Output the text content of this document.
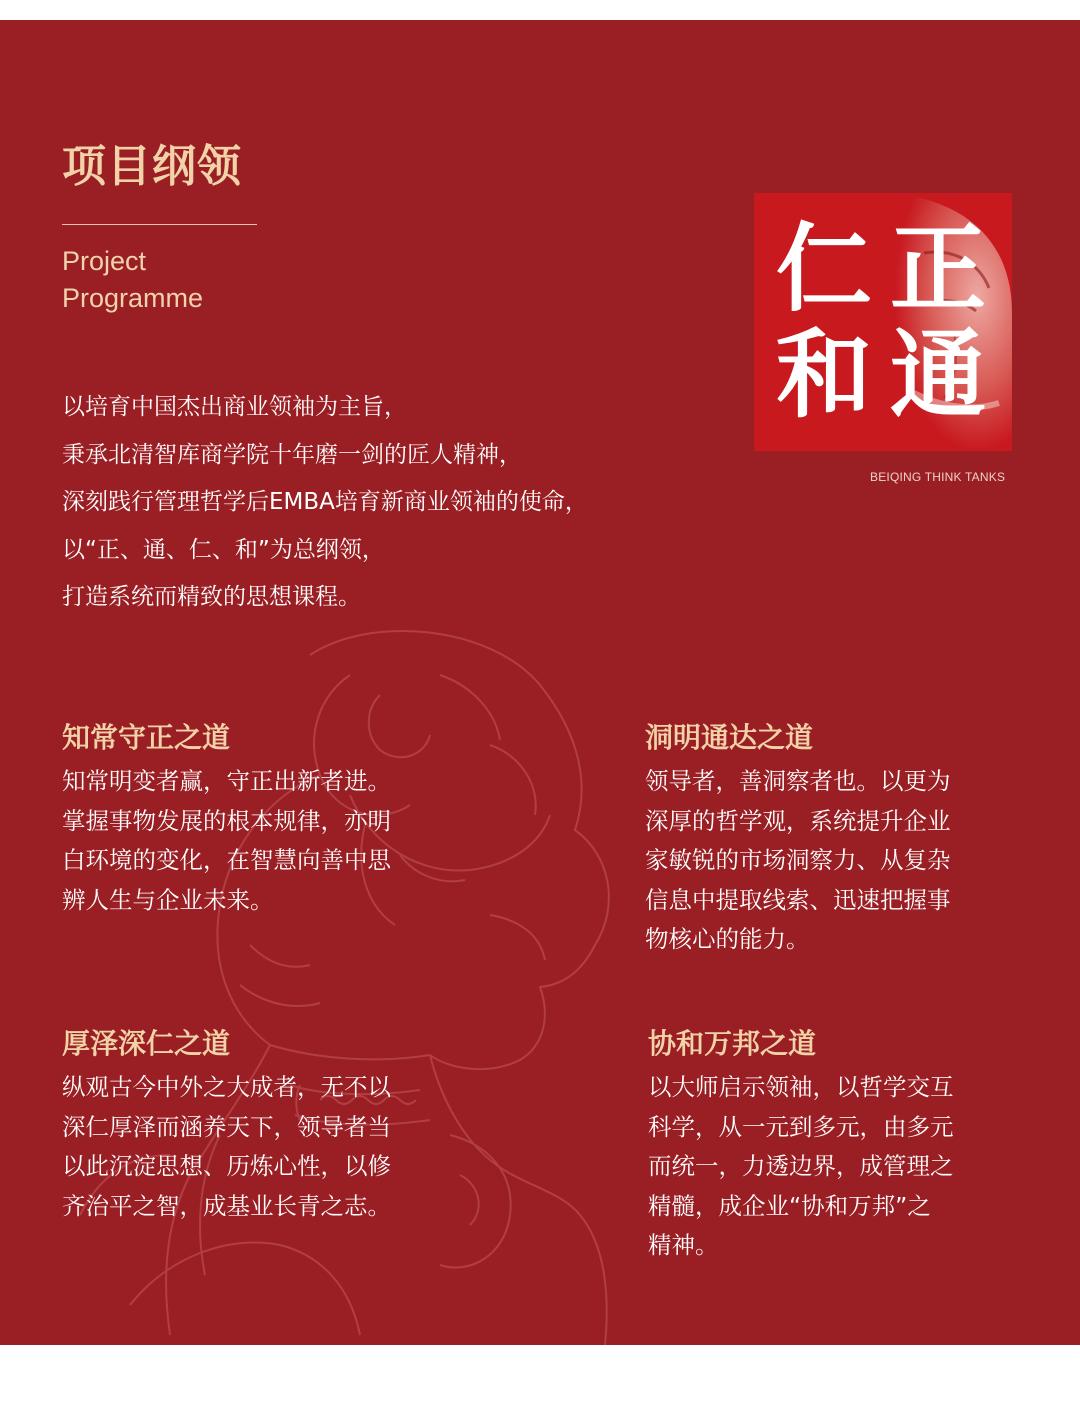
项目纲领
Project
Programme
以培育中国杰出商业领袖为主旨，
秉承北清智库商学院十年磨一剑的匠人精神，
深刻践行管理哲学后EMBA培育新商业领袖的使命，
以“正、通、仁、和”为总纲领，
打造系统而精致的思想课程。
仁 正
和 通
BEIQING THINK TANKS
知常守正之道

知常明变者赢，守正出新者进。
掌握事物发展的根本规律，亦明
白环境的变化，在智慧向善中思
辨人生与企业未来。

洞明通达之道

领导者，善洞察者也。以更为
深厚的哲学观，系统提升企业
家敏锐的市场洞察力、从复杂
信息中提取线索、迅速把握事
物核心的能力。

厚泽深仁之道

纵观古今中外之大成者，无不以
深仁厚泽而涵养天下，领导者当
以此沉淀思想、历炼心性，以修
齐治平之智，成基业长青之志。

协和万邦之道

以大师启示领袖，以哲学交互
科学，从一元到多元，由多元
而统一，力透边界，成管理之
精髓，成企业“协和万邦”之
精神。
